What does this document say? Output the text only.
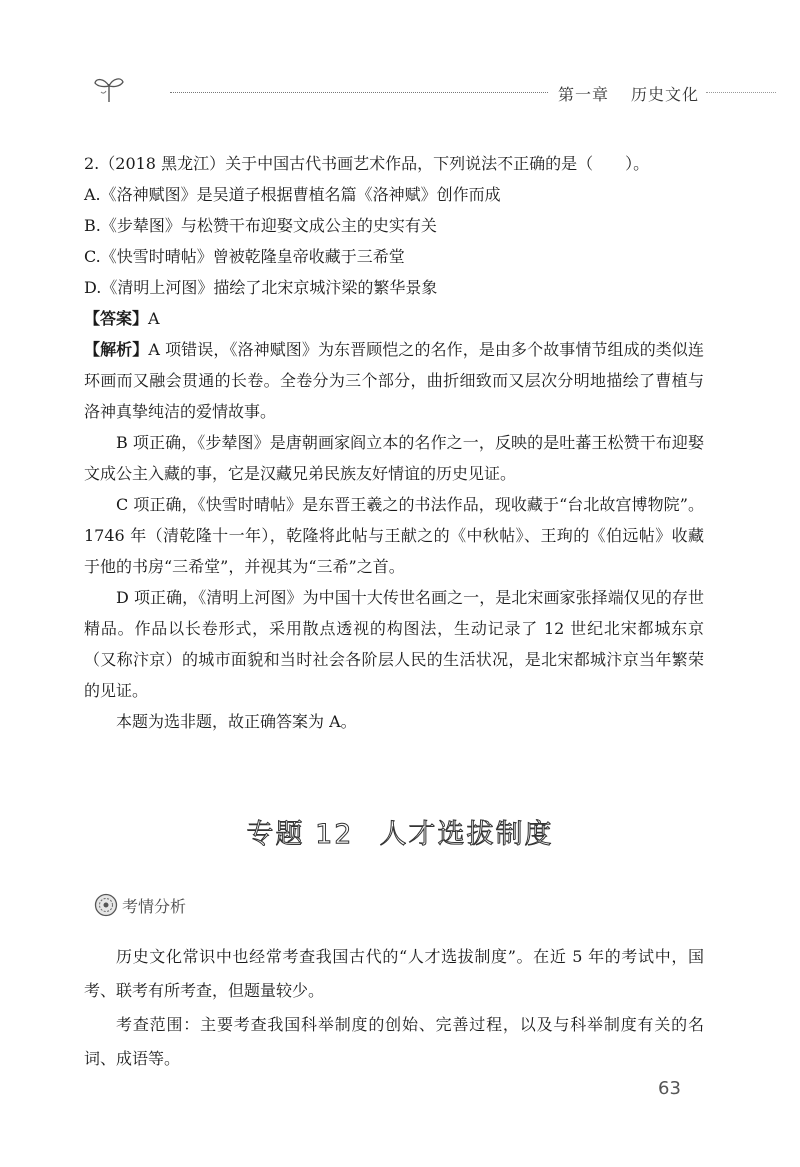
第一章 历史文化

2.（2018 黑龙江）关于中国古代书画艺术作品，下列说法不正确的是（　　）。

A.《洛神赋图》是吴道子根据曹植名篇《洛神赋》创作而成

B.《步辇图》与松赞干布迎娶文成公主的史实有关

C.《快雪时晴帖》曾被乾隆皇帝收藏于三希堂

D.《清明上河图》描绘了北宋京城汴梁的繁华景象

【答案】A

【解析】A 项错误，《洛神赋图》为东晋顾恺之的名作，是由多个故事情节组成的类似连环画而又融会贯通的长卷。全卷分为三个部分，曲折细致而又层次分明地描绘了曹植与洛神真挚纯洁的爱情故事。

B 项正确，《步辇图》是唐朝画家阎立本的名作之一，反映的是吐蕃王松赞干布迎娶文成公主入藏的事，它是汉藏兄弟民族友好情谊的历史见证。

C 项正确，《快雪时晴帖》是东晋王羲之的书法作品，现收藏于“台北故宫博物院”。1746 年（清乾隆十一年），乾隆将此帖与王献之的《中秋帖》、王珣的《伯远帖》收藏于他的书房“三希堂”，并视其为“三希”之首。

D 项正确，《清明上河图》为中国十大传世名画之一，是北宋画家张择端仅见的存世精品。作品以长卷形式，采用散点透视的构图法，生动记录了 12 世纪北宋都城东京（又称汴京）的城市面貌和当时社会各阶层人民的生活状况，是北宋都城汴京当年繁荣的见证。

本题为选非题，故正确答案为 A。

专题 12 人才选拔制度
考情分析

历史文化常识中也经常考查我国古代的“人才选拔制度”。在近 5 年的考试中，国考、联考有所考查，但题量较少。

考查范围：主要考查我国科举制度的创始、完善过程，以及与科举制度有关的名词、成语等。

63
